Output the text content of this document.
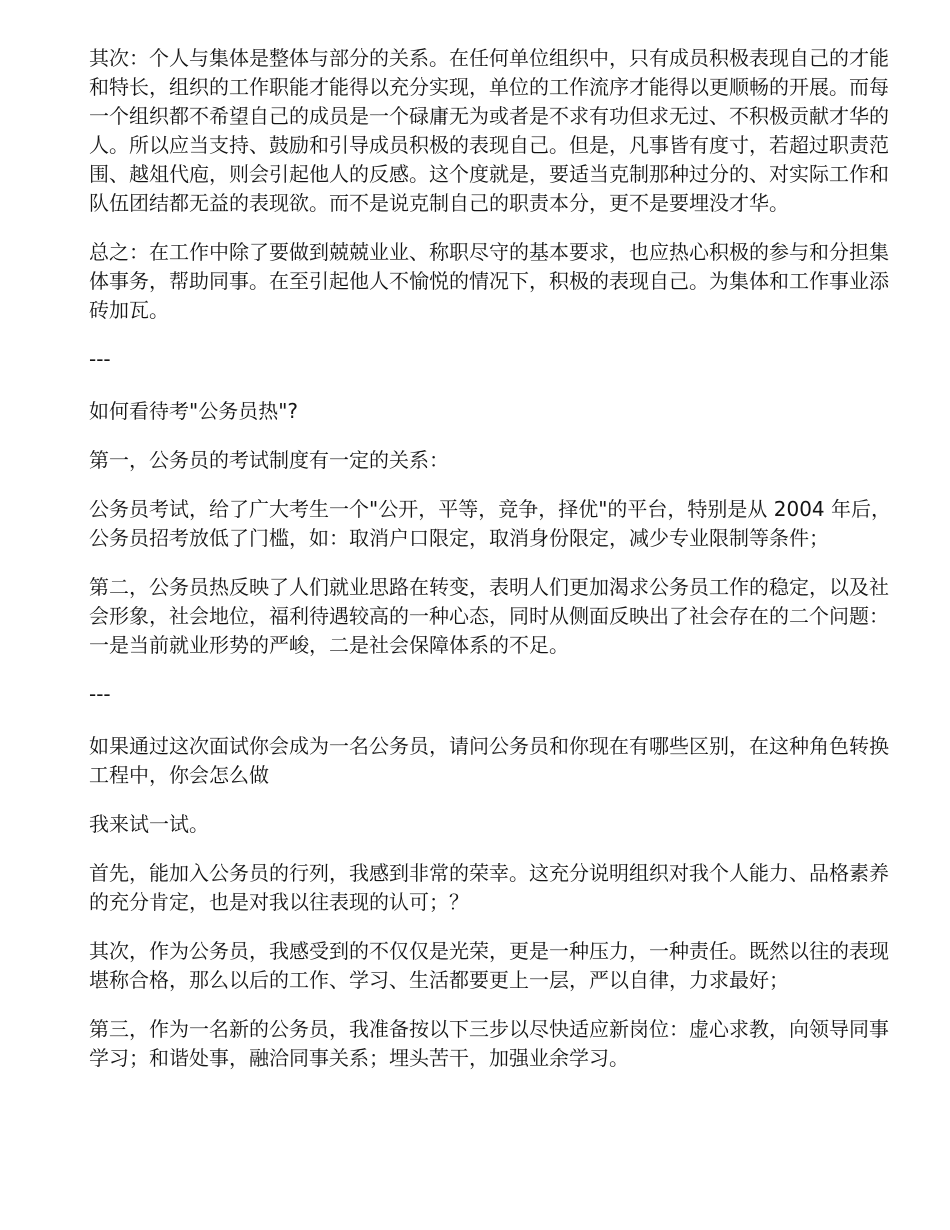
其次：个人与集体是整体与部分的关系。在任何单位组织中，只有成员积极表现自己的才能和特长，组织的工作职能才能得以充分实现，单位的工作流序才能得以更顺畅的开展。而每一个组织都不希望自己的成员是一个碌庸无为或者是不求有功但求无过、不积极贡献才华的人。所以应当支持、鼓励和引导成员积极的表现自己。但是，凡事皆有度寸，若超过职责范围、越俎代庖，则会引起他人的反感。这个度就是，要适当克制那种过分的、对实际工作和队伍团结都无益的表现欲。而不是说克制自己的职责本分，更不是要埋没才华。

总之：在工作中除了要做到兢兢业业、称职尽守的基本要求，也应热心积极的参与和分担集体事务，帮助同事。在至引起他人不愉悦的情况下，积极的表现自己。为集体和工作事业添砖加瓦。

---

如何看待考"公务员热"?

第一，公务员的考试制度有一定的关系：

公务员考试，给了广大考生一个"公开，平等，竞争，择优"的平台，特别是从 2004 年后，公务员招考放低了门槛，如：取消户口限定，取消身份限定，减少专业限制等条件；

第二，公务员热反映了人们就业思路在转变，表明人们更加渴求公务员工作的稳定，以及社会形象，社会地位，福利待遇较高的一种心态，同时从侧面反映出了社会存在的二个问题：一是当前就业形势的严峻，二是社会保障体系的不足。

---

如果通过这次面试你会成为一名公务员，请问公务员和你现在有哪些区别，在这种角色转换工程中，你会怎么做

我来试一试。

首先，能加入公务员的行列，我感到非常的荣幸。这充分说明组织对我个人能力、品格素养的充分肯定，也是对我以往表现的认可；？

其次，作为公务员，我感受到的不仅仅是光荣，更是一种压力，一种责任。既然以往的表现堪称合格，那么以后的工作、学习、生活都要更上一层，严以自律，力求最好；

第三，作为一名新的公务员，我准备按以下三步以尽快适应新岗位：虚心求教，向领导同事学习；和谐处事，融洽同事关系；埋头苦干，加强业余学习。
